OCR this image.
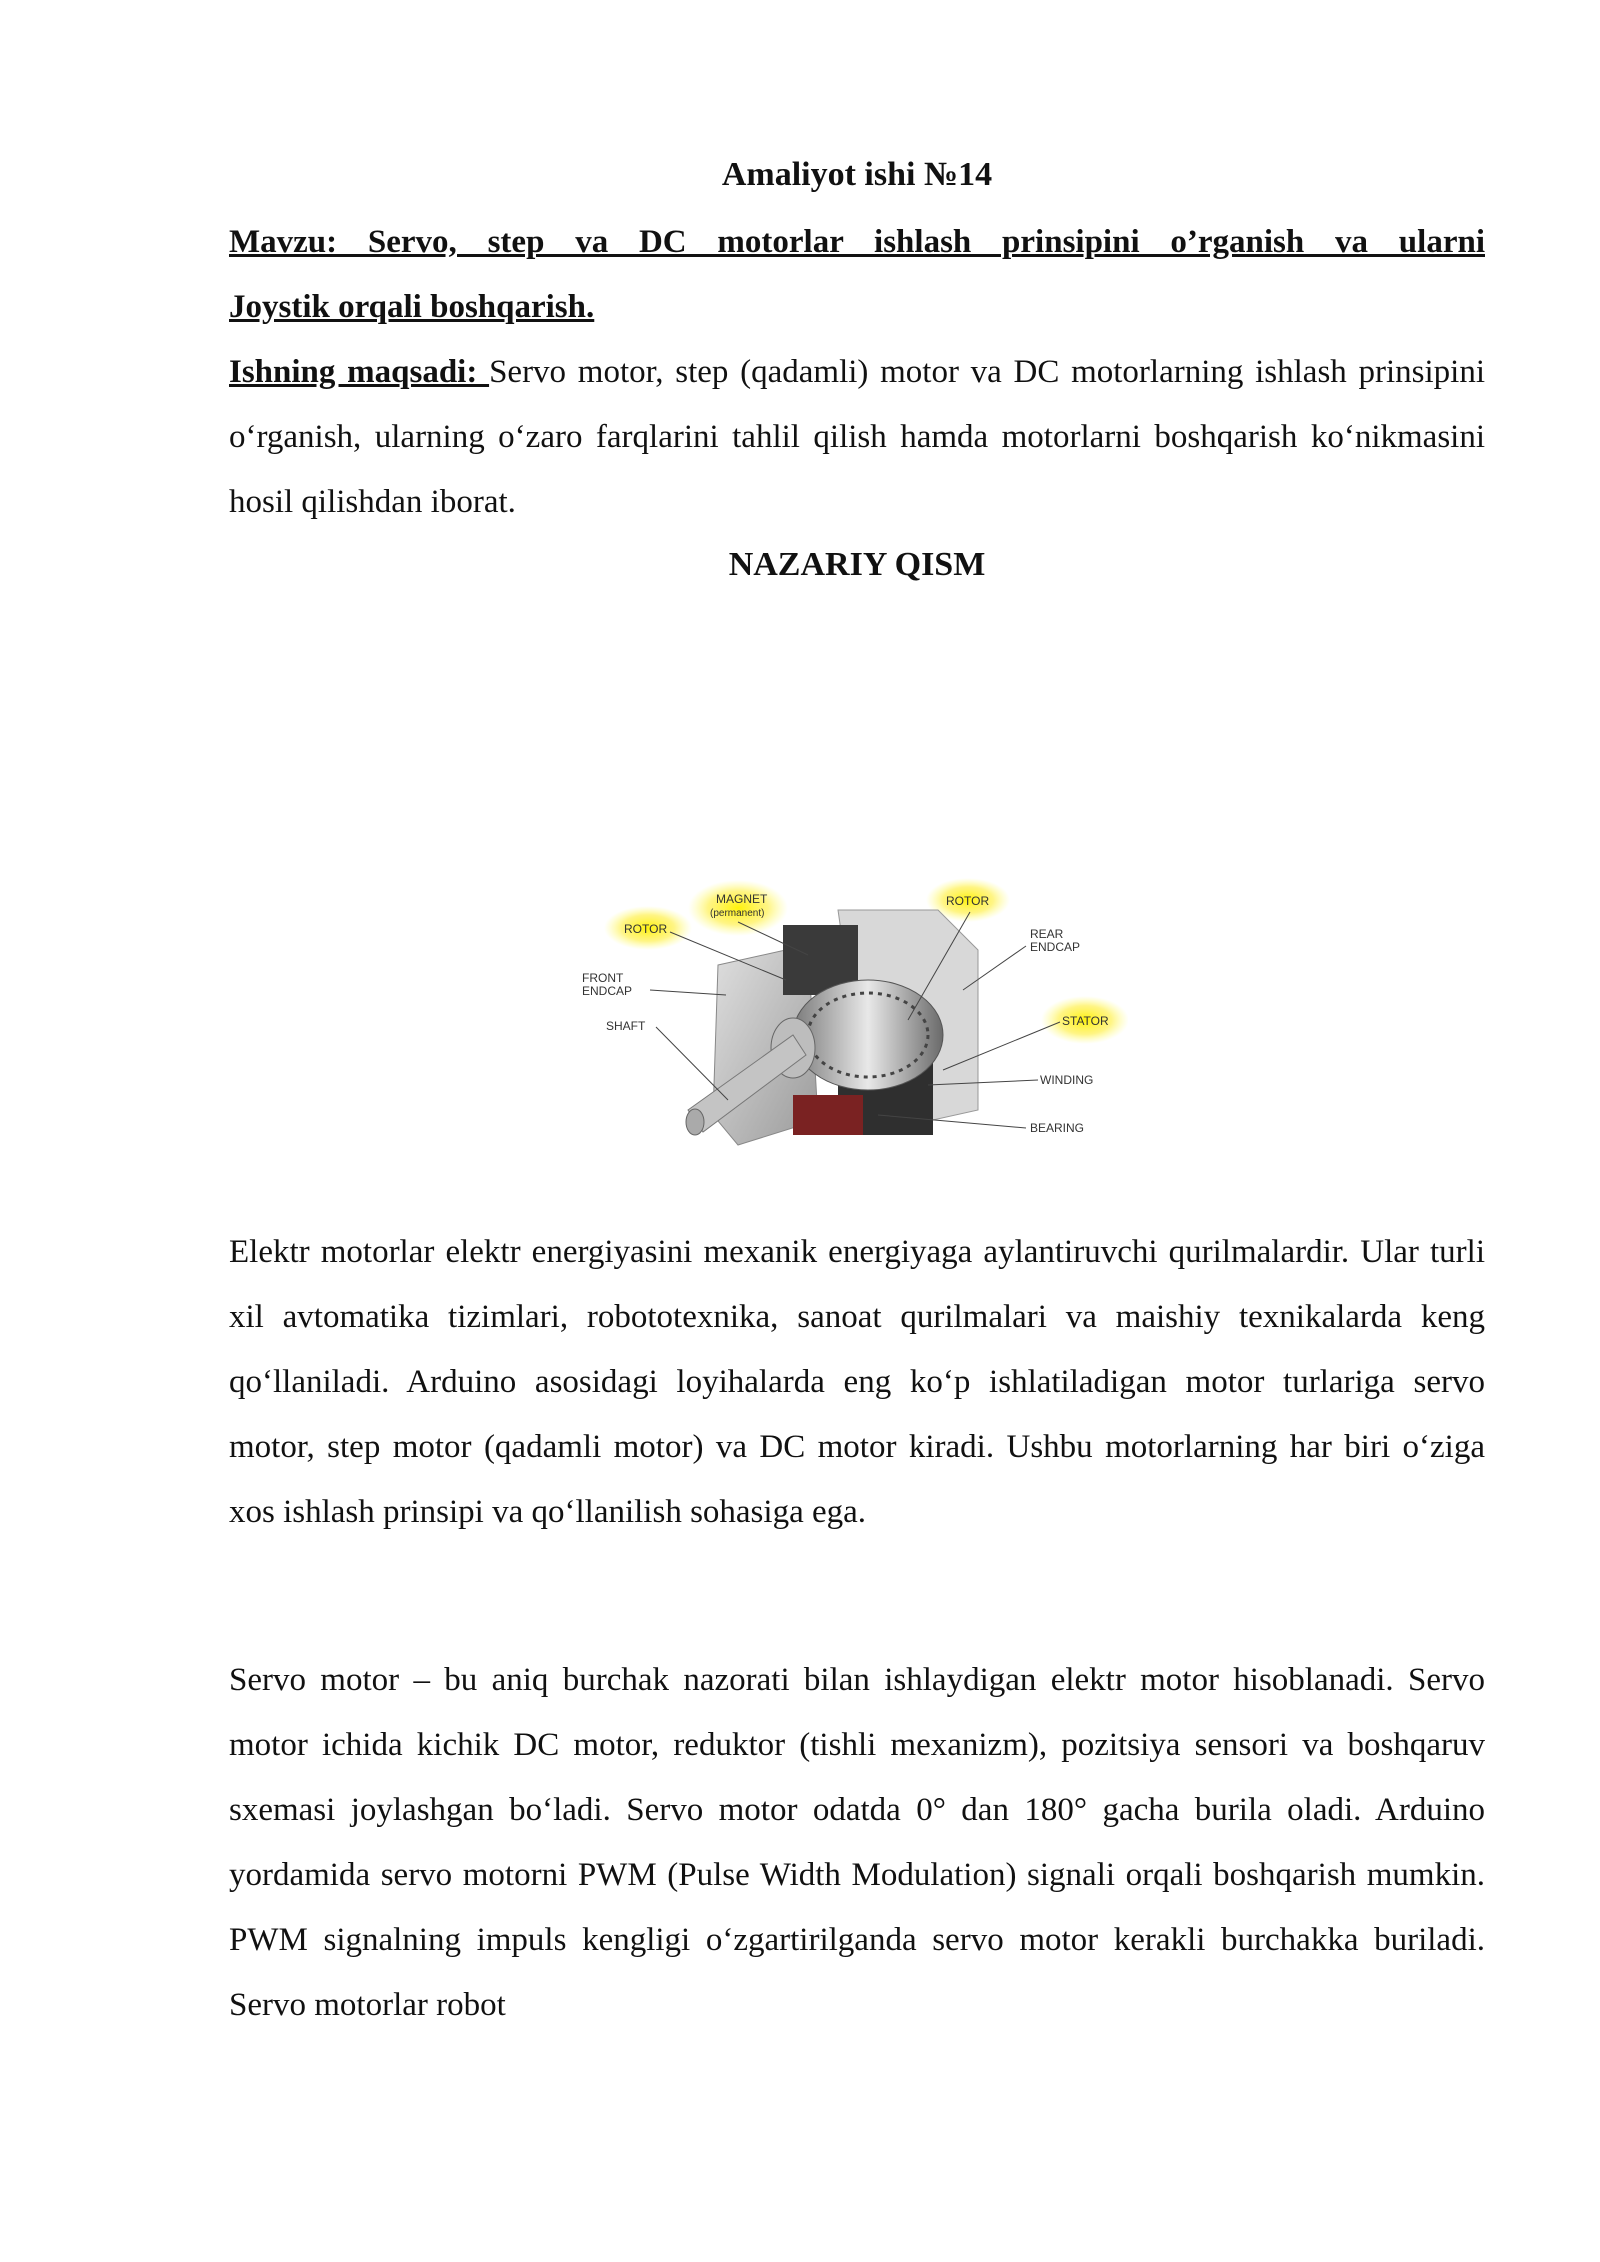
Amaliyot ishi №14
Mavzu: Servo, step va DC motorlar ishlash prinsipini o’rganish va ularni
Joystik orqali boshqarish.
Ishning maqsadi: Servo motor, step (qadamli) motor va DC motorlarning ishlash prinsipini o‘rganish, ularning o‘zaro farqlarini tahlil qilish hamda motorlarni boshqarish ko‘nikmasini hosil qilishdan iborat.
NAZARIY QISM
Elektr motorlar elektr energiyasini mexanik energiyaga aylantiruvchi qurilmalardir. Ular turli xil avtomatika tizimlari, robototexnika, sanoat qurilmalari va maishiy texnikalarda keng qo‘llaniladi. Arduino asosidagi loyihalarda eng ko‘p ishlatiladigan motor turlariga servo motor, step motor (qadamli motor) va DC motor kiradi. Ushbu motorlarning har biri o‘ziga xos ishlash prinsipi va qo‘llanilish sohasiga ega.
Servo motor – bu aniq burchak nazorati bilan ishlaydigan elektr motor hisoblanadi. Servo motor ichida kichik DC motor, reduktor (tishli mexanizm), pozitsiya sensori va boshqaruv sxemasi joylashgan bo‘ladi. Servo motor odatda 0° dan 180° gacha burila oladi. Arduino yordamida servo motorni PWM (Pulse Width Modulation) signali orqali boshqarish mumkin. PWM signalning impuls kengligi o‘zgartirilganda servo motor kerakli burchakka buriladi. Servo motorlar robot
MAGNET
(permanent)
ROTOR
ROTOR
REAR
ENDCAP
FRONT
ENDCAP
SHAFT	STATOR
WINDING
BEARING
